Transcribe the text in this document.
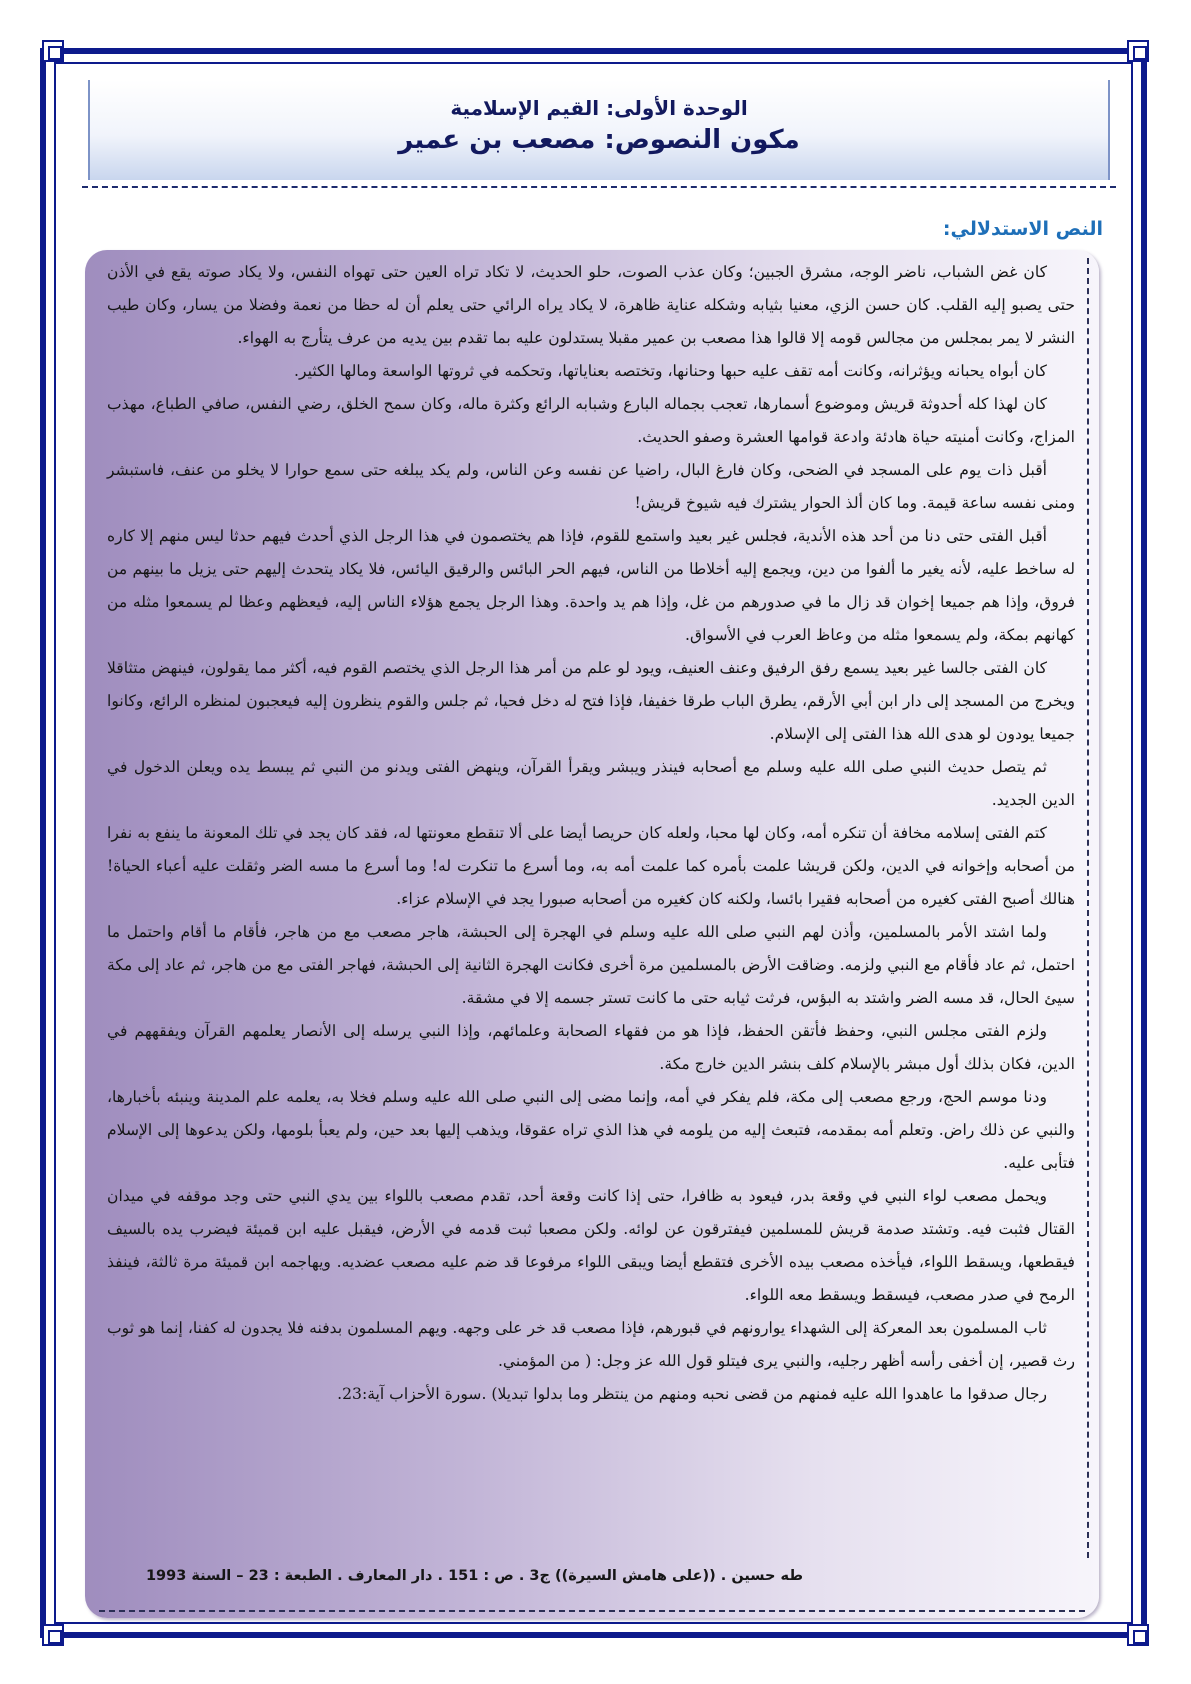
الوحدة الأولى: القيم الإسلامية
مكون النصوص: مصعب بن عمير
النص الاستدلالي:

كان غض الشباب، ناضر الوجه، مشرق الجبين؛ وكان عذب الصوت، حلو الحديث، لا تكاد تراه العين حتى تهواه النفس، ولا يكاد صوته يقع في الأذن حتى يصبو إليه القلب. كان حسن الزي، معنيا بثيابه وشكله عناية ظاهرة، لا يكاد يراه الرائي حتى يعلم أن له حظا من نعمة وفضلا من يسار، وكان طيب النشر لا يمر بمجلس من مجالس قومه إلا قالوا هذا مصعب بن عمير مقبلا يستدلون عليه بما تقدم بين يديه من عرف يتأرج به الهواء.

كان أبواه يحبانه ويؤثرانه، وكانت أمه تقف عليه حبها وحنانها، وتختصه بعناياتها، وتحكمه في ثروتها الواسعة ومالها الكثير.

كان لهذا كله أحدوثة قريش وموضوع أسمارها، تعجب بجماله البارع وشبابه الرائع وكثرة ماله، وكان سمح الخلق، رضي النفس، صافي الطباع، مهذب المزاج، وكانت أمنيته حياة هادئة وادعة قوامها العشرة وصفو الحديث.

أقبل ذات يوم على المسجد في الضحى، وكان فارغ البال، راضيا عن نفسه وعن الناس، ولم يكد يبلغه حتى سمع حوارا لا يخلو من عنف، فاستبشر ومنى نفسه ساعة قيمة. وما كان ألذ الحوار يشترك فيه شيوخ قريش!

أقبل الفتى حتى دنا من أحد هذه الأندية، فجلس غير بعيد واستمع للقوم، فإذا هم يختصمون في هذا الرجل الذي أحدث فيهم حدثا ليس منهم إلا كاره له ساخط عليه، لأنه يغير ما ألفوا من دين، ويجمع إليه أخلاطا من الناس، فيهم الحر البائس والرقيق اليائس، فلا يكاد يتحدث إليهم حتى يزيل ما بينهم من فروق، وإذا هم جميعا إخوان قد زال ما في صدورهم من غل، وإذا هم يد واحدة. وهذا الرجل يجمع هؤلاء الناس إليه، فيعظهم وعظا لم يسمعوا مثله من كهانهم بمكة، ولم يسمعوا مثله من وعاظ العرب في الأسواق.

كان الفتى جالسا غير بعيد يسمع رفق الرفيق وعنف العنيف، ويود لو علم من أمر هذا الرجل الذي يختصم القوم فيه، أكثر مما يقولون، فينهض متثاقلا ويخرج من المسجد إلى دار ابن أبي الأرقم، يطرق الباب طرقا خفيفا، فإذا فتح له دخل فحيا، ثم جلس والقوم ينظرون إليه فيعجبون لمنظره الرائع، وكانوا جميعا يودون لو هدى الله هذا الفتى إلى الإسلام.

ثم يتصل حديث النبي صلى الله عليه وسلم مع أصحابه فينذر ويبشر ويقرأ القرآن، وينهض الفتى ويدنو من النبي ثم يبسط يده ويعلن الدخول في الدين الجديد.

كتم الفتى إسلامه مخافة أن تنكره أمه، وكان لها محبا، ولعله كان حريصا أيضا على ألا تنقطع معونتها له، فقد كان يجد في تلك المعونة ما ينفع به نفرا من أصحابه وإخوانه في الدين، ولكن قريشا علمت بأمره كما علمت أمه به، وما أسرع ما تنكرت له! وما أسرع ما مسه الضر وثقلت عليه أعباء الحياة! هنالك أصبح الفتى كغيره من أصحابه فقيرا بائسا، ولكنه كان كغيره من أصحابه صبورا يجد في الإسلام عزاء.

ولما اشتد الأمر بالمسلمين، وأذن لهم النبي صلى الله عليه وسلم في الهجرة إلى الحبشة، هاجر مصعب مع من هاجر، فأقام ما أقام واحتمل ما احتمل، ثم عاد فأقام مع النبي ولزمه. وضاقت الأرض بالمسلمين مرة أخرى فكانت الهجرة الثانية إلى الحبشة، فهاجر الفتى مع من هاجر، ثم عاد إلى مكة سيئ الحال، قد مسه الضر واشتد به البؤس، فرثت ثيابه حتى ما كانت تستر جسمه إلا في مشقة.

ولزم الفتى مجلس النبي، وحفظ فأتقن الحفظ، فإذا هو من فقهاء الصحابة وعلمائهم، وإذا النبي يرسله إلى الأنصار يعلمهم القرآن ويفقههم في الدين، فكان بذلك أول مبشر بالإسلام كلف بنشر الدين خارج مكة.

ودنا موسم الحج، ورجع مصعب إلى مكة، فلم يفكر في أمه، وإنما مضى إلى النبي صلى الله عليه وسلم فخلا به، يعلمه علم المدينة وينبئه بأخبارها، والنبي عن ذلك راض. وتعلم أمه بمقدمه، فتبعث إليه من يلومه في هذا الذي تراه عقوقا، ويذهب إليها بعد حين، ولم يعبأ بلومها، ولكن يدعوها إلى الإسلام فتأبى عليه.

ويحمل مصعب لواء النبي في وقعة بدر، فيعود به ظافرا، حتى إذا كانت وقعة أحد، تقدم مصعب باللواء بين يدي النبي حتى وجد موقفه في ميدان القتال فثبت فيه. وتشتد صدمة قريش للمسلمين فيفترقون عن لوائه. ولكن مصعبا ثبت قدمه في الأرض، فيقبل عليه ابن قميئة فيضرب يده بالسيف فيقطعها، ويسقط اللواء، فيأخذه مصعب بيده الأخرى فتقطع أيضا ويبقى اللواء مرفوعا قد ضم عليه مصعب عضديه. ويهاجمه ابن قميئة مرة ثالثة، فينفذ الرمح في صدر مصعب، فيسقط ويسقط معه اللواء.

ثاب المسلمون بعد المعركة إلى الشهداء يوارونهم في قبورهم، فإذا مصعب قد خر على وجهه. ويهم المسلمون بدفنه فلا يجدون له كفنا، إنما هو ثوب رث قصير، إن أخفى رأسه أظهر رجليه، والنبي يرى فيتلو قول الله عز وجل: ( من المؤمني.

رجال صدقوا ما عاهدوا الله عليه فمنهم من قضى نحبه ومنهم من ينتظر وما بدلوا تبديلا) .سورة الأحزاب آية:23.

طه حسين . ((على هامش السيرة)) ج3 . ص : 151 . دار المعارف . الطبعة : 23 – السنة 1993
